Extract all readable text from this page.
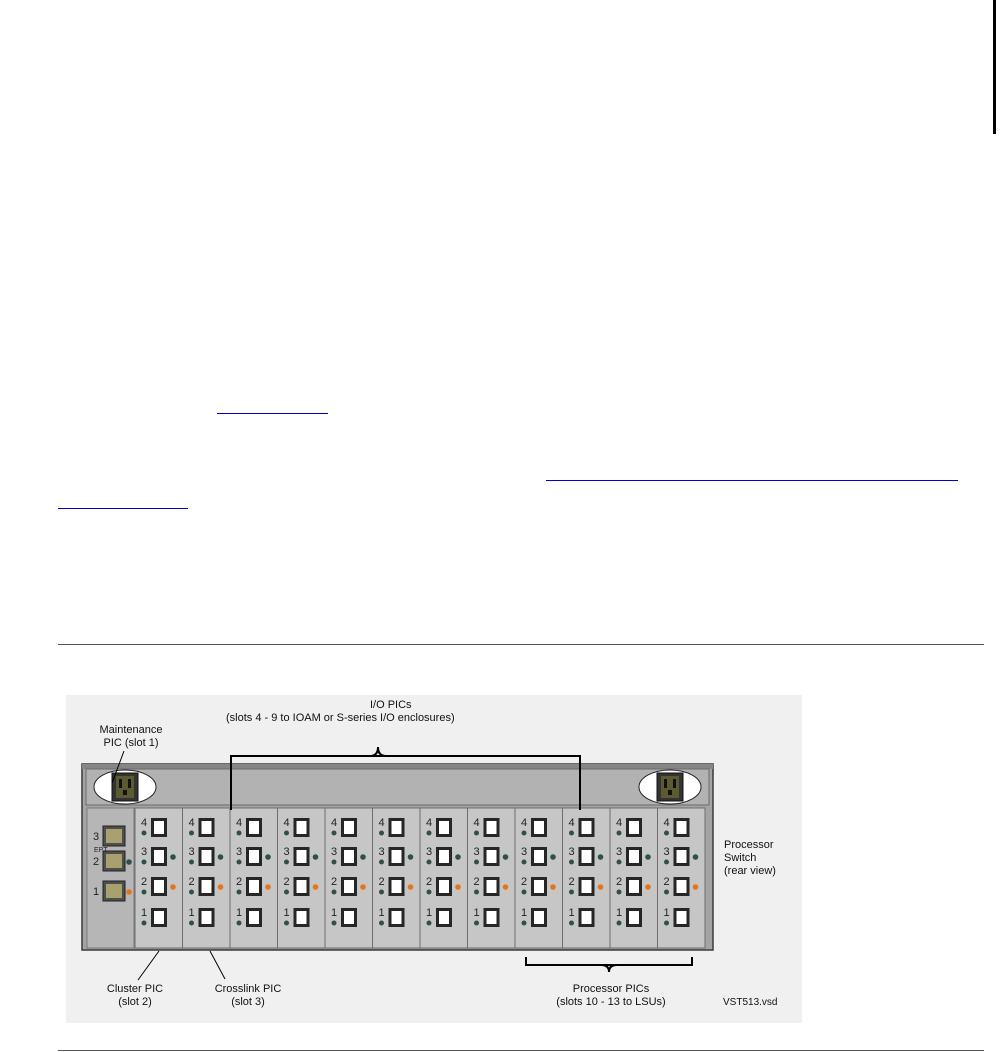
3
2
1
EPT
4
3
2
1
4
3
2
1
4
3
2
1
4
3
2
1
4
3
2
1
4
3
2
1
4
3
2
1
4
3
2
1
4
3
2
1
4
3
2
1
4
3
2
1
4
3
2
1
I/O PICs
(slots 4 - 9 to IOAM or S-series I/O enclosures)
Maintenance
PIC (slot 1)
Processor
Switch
(rear view)
Cluster PIC
(slot 2)
Crosslink PIC
(slot 3)
Processor PICs
(slots 10 - 13 to LSUs)	VST513.vsd
